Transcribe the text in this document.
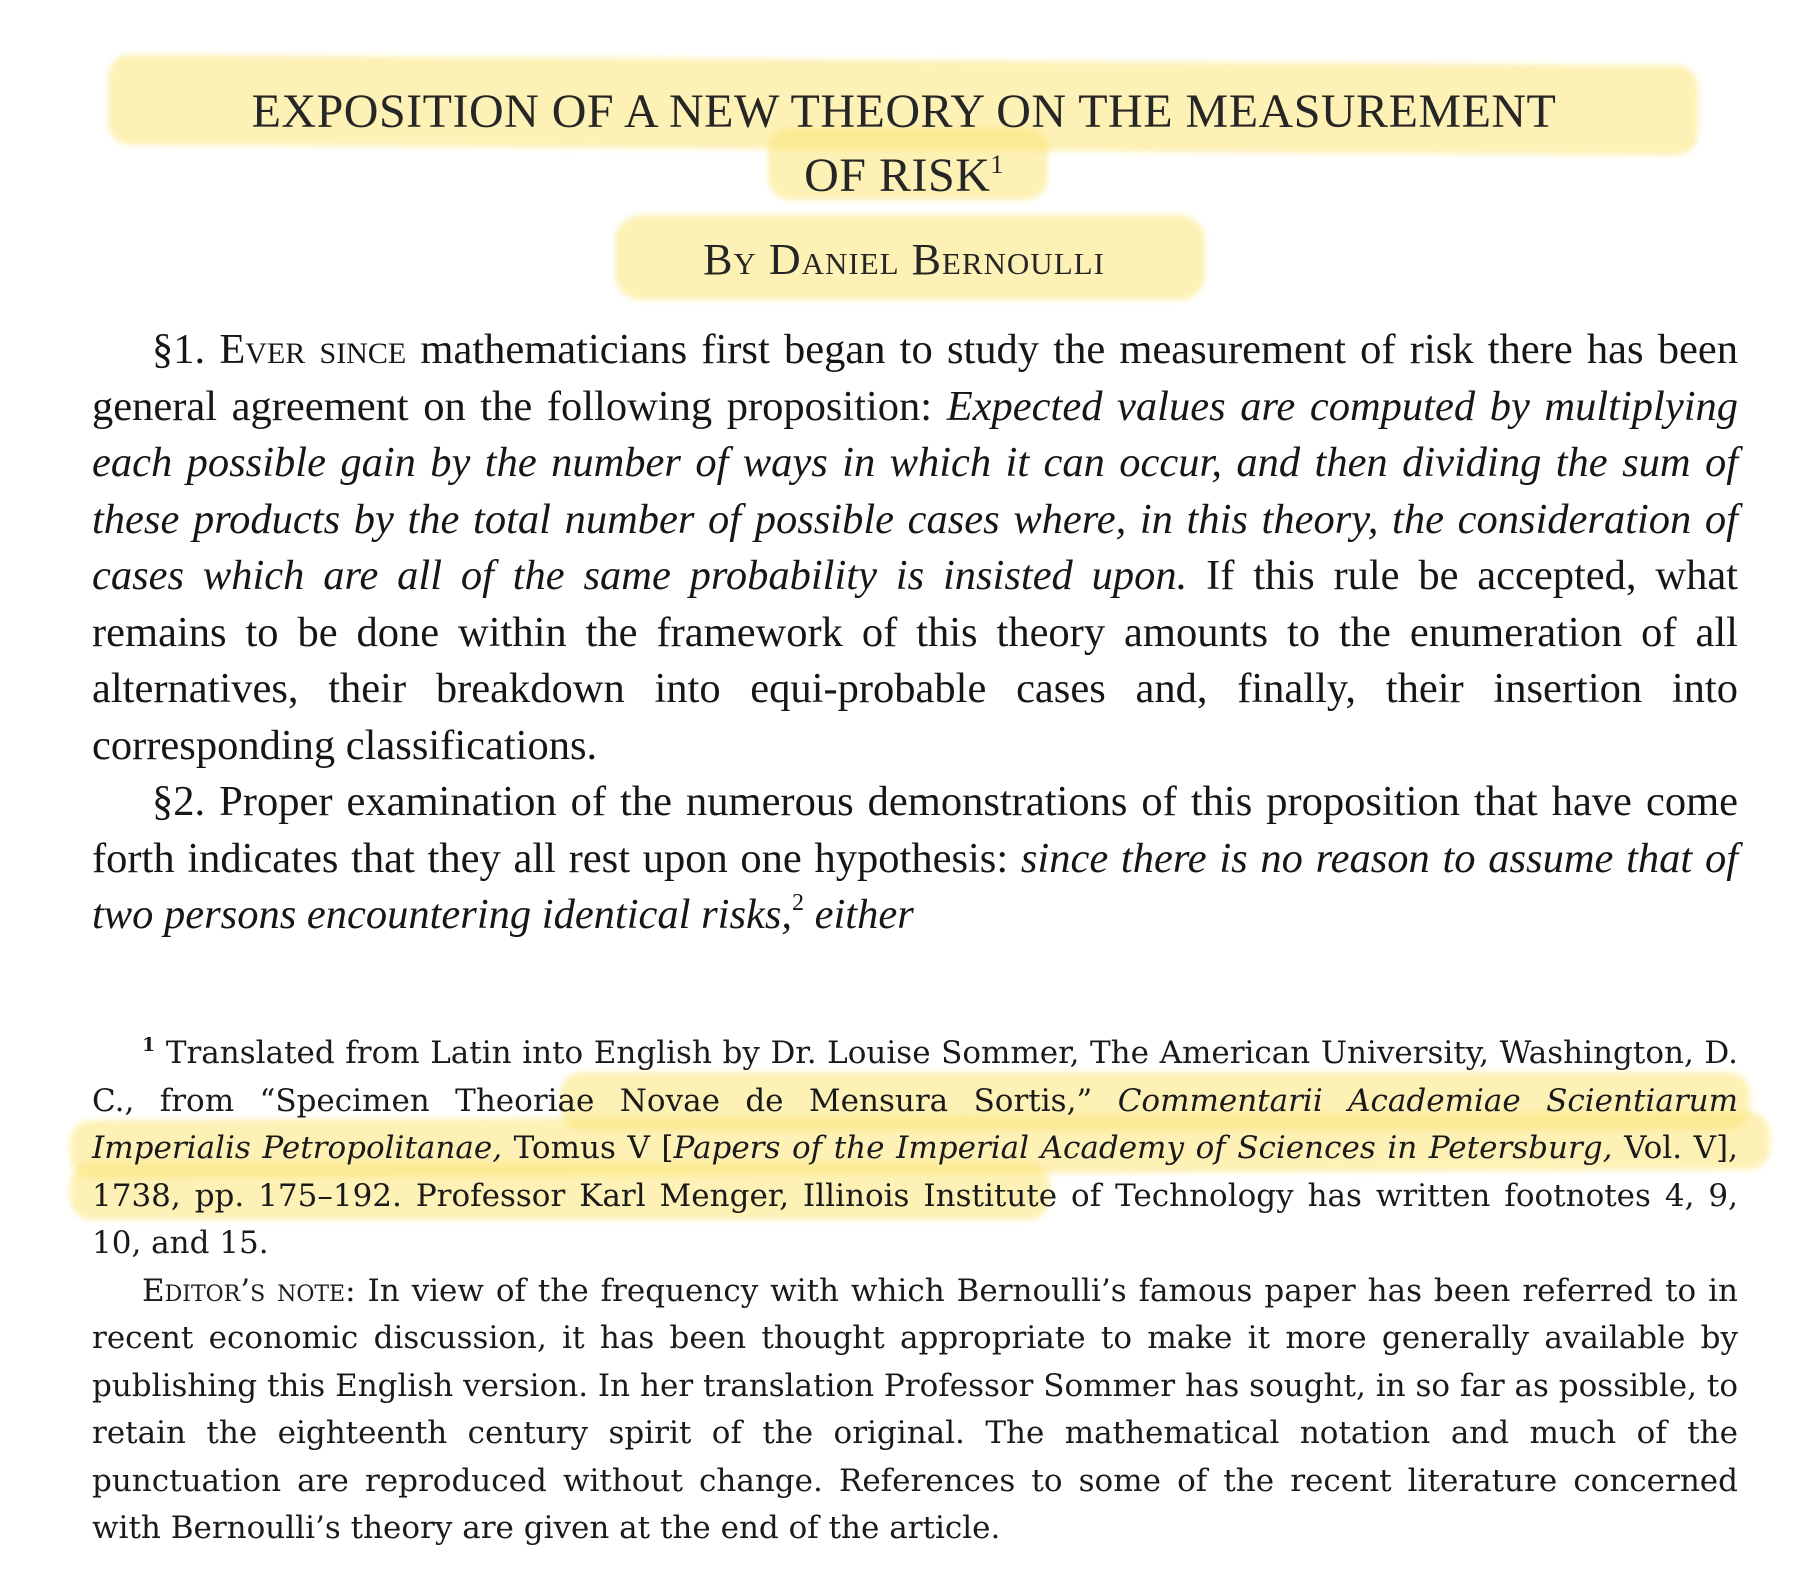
EXPOSITION OF A NEW THEORY ON THE MEASUREMENT
OF RISK$^1$
By Daniel Bernoulli

§1. Ever since mathematicians first began to study the measurement of risk there has been general agreement on the following proposition: Expected values are computed by multiplying each possible gain by the number of ways in which it can occur, and then dividing the sum of these products by the total number of possible cases where, in this theory, the consideration of cases which are all of the same probability is insisted upon. If this rule be accepted, what remains to be done within the framework of this theory amounts to the enumeration of all alternatives, their breakdown into equi-probable cases and, finally, their insertion into corresponding classifications.

§2. Proper examination of the numerous demonstrations of this proposition that have come forth indicates that they all rest upon one hypothesis: since there is no reason to assume that of two persons encountering identical risks,$^2$ either

$^1$ Translated from Latin into English by Dr. Louise Sommer, The American University, Washington, D. C., from “Specimen Theoriae Novae de Mensura Sortis,” Commentarii Academiae Scientiarum Imperialis Petropolitanae, Tomus V [Papers of the Imperial Academy of Sciences in Petersburg, Vol. V], 1738, pp. 175–192. Professor Karl Menger, Illinois Institute of Technology has written footnotes 4, 9, 10, and 15.

Editor’s note: In view of the frequency with which Bernoulli’s famous paper has been referred to in recent economic discussion, it has been thought appropriate to make it more generally available by publishing this English version. In her translation Professor Sommer has sought, in so far as possible, to retain the eighteenth century spirit of the original. The mathematical notation and much of the punctuation are reproduced without change. References to some of the recent literature concerned with Bernoulli’s theory are given at the end of the article.
